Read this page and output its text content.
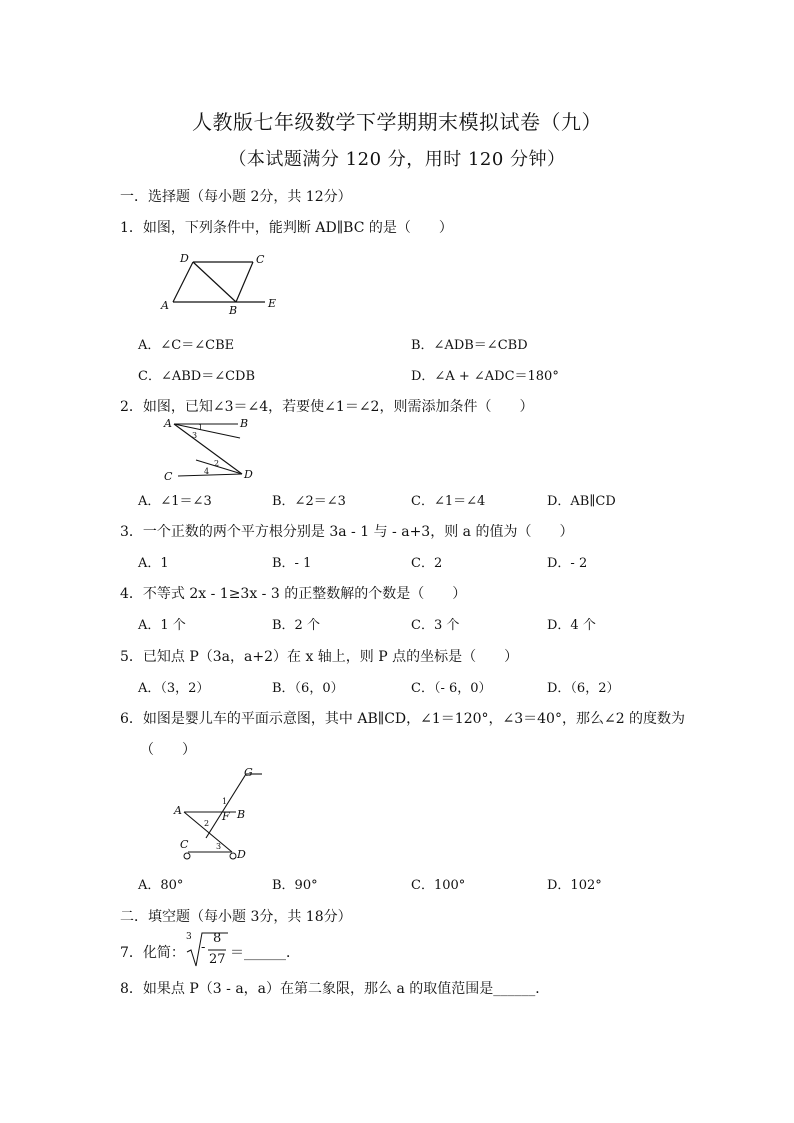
人教版七年级数学下学期期末模拟试卷（九）
（本试题满分 120 分，用时 120 分钟）
一．选择题（每小题 2分，共 12分）
1．如图，下列条件中，能判断 AD∥BC 的是（　　）
D	C
A	B
E
A．∠C＝∠CBE	B．∠ADB＝∠CBD
C．∠ABD＝∠CDB	D．∠A + ∠ADC＝180°
2．如图，已知∠3＝∠4，若要使∠1＝∠2，则需添加条件（　　）
A	B
C	D
1
3
2
4
A．∠1＝∠3	B．∠2＝∠3	C．∠1＝∠4	D．AB∥CD
3．一个正数的两个平方根分别是 3a - 1 与 - a+3，则 a 的值为（　　）
A．1	B．- 1	C．2	D．- 2
4．不等式 2x - 1≥3x - 3 的正整数解的个数是（　　）
A．1 个	B．2 个	C．3 个	D．4 个
5．已知点 P（3a，a+2）在 x 轴上，则 P 点的坐标是（　　）
A．（3，2）	B．（6，0）	C．（- 6，0）	D．（6，2）
6．如图是婴儿车的平面示意图，其中 AB∥CD，∠1＝120°，∠3＝40°，那么∠2 的度数为
（　　）
G
1
A	F B
2
C	3
D
A．80°	B．90°	C．100°	D．102°
二．填空题（每小题 3分，共 18分）
7．化简：
3
-
8
27 ＝______．
8．如果点 P（3 - a，a）在第二象限，那么 a 的取值范围是______．
